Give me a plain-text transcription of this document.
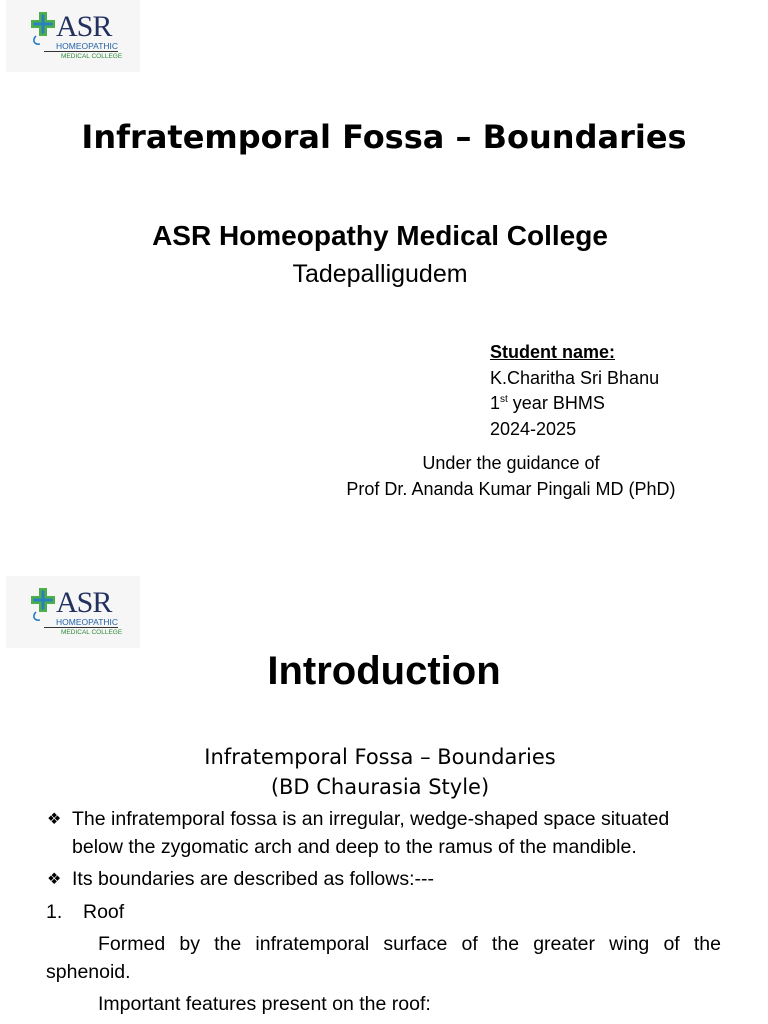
ASR
HOMEOPATHIC
MEDICAL COLLEGE
Infratemporal Fossa – Boundaries
ASR Homeopathy Medical College
Tadepalligudem
Student name:
K.Charitha Sri Bhanu
1st year BHMS
2024-2025
Under the guidance of
Prof Dr. Ananda Kumar Pingali MD (PhD)
ASR
HOMEOPATHIC
MEDICAL COLLEGE
Introduction
Infratemporal Fossa – Boundaries
(BD Chaurasia Style)
❖ The infratemporal fossa is an irregular, wedge-shaped space situated below the zygomatic arch and deep to the ramus of the mandible.
❖ Its boundaries are described as follows:---
1. Roof
Formed by the infratemporal surface of the greater wing of the sphenoid.
Important features present on the roof:
